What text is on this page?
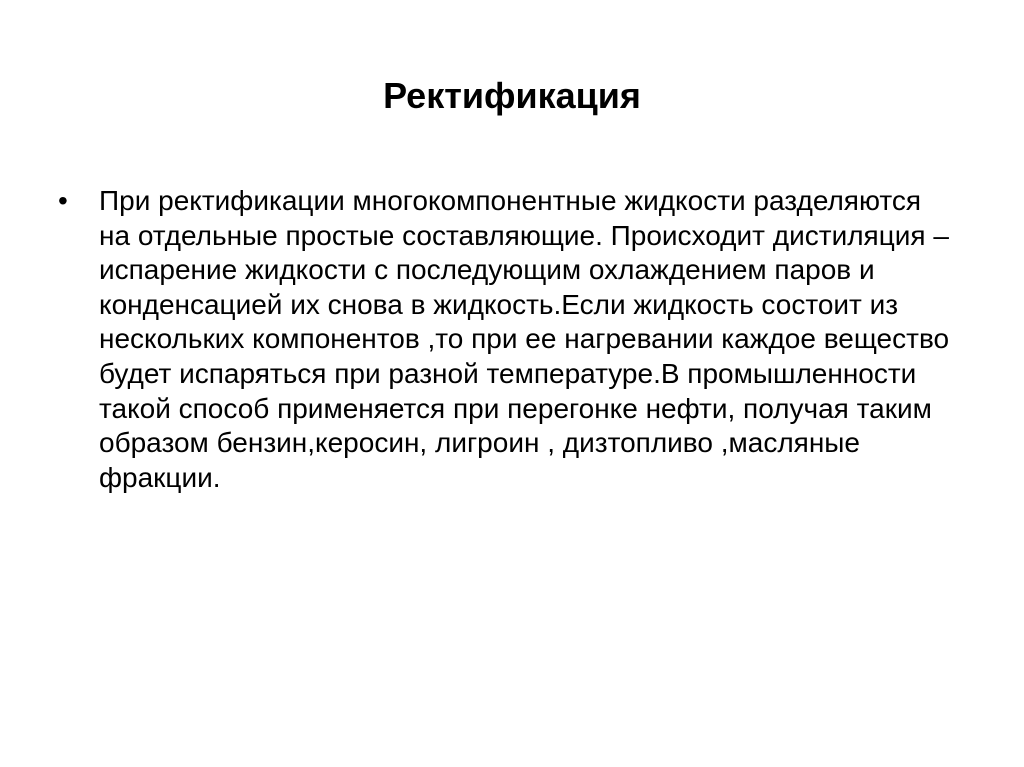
Ректификация
• При ректификации многокомпонентные жидкости разделяются
на отдельные простые составляющие. Происходит дистиляция –
испарение жидкости с последующим охлаждением паров и
конденсацией их снова в жидкость.Если жидкость состоит из
нескольких компонентов ,то при ее нагревании каждое вещество
будет испаряться при разной температуре.В промышленности
такой способ применяется при перегонке нефти, получая таким
образом бензин,керосин, лигроин , дизтопливо ,масляные
фракции.
